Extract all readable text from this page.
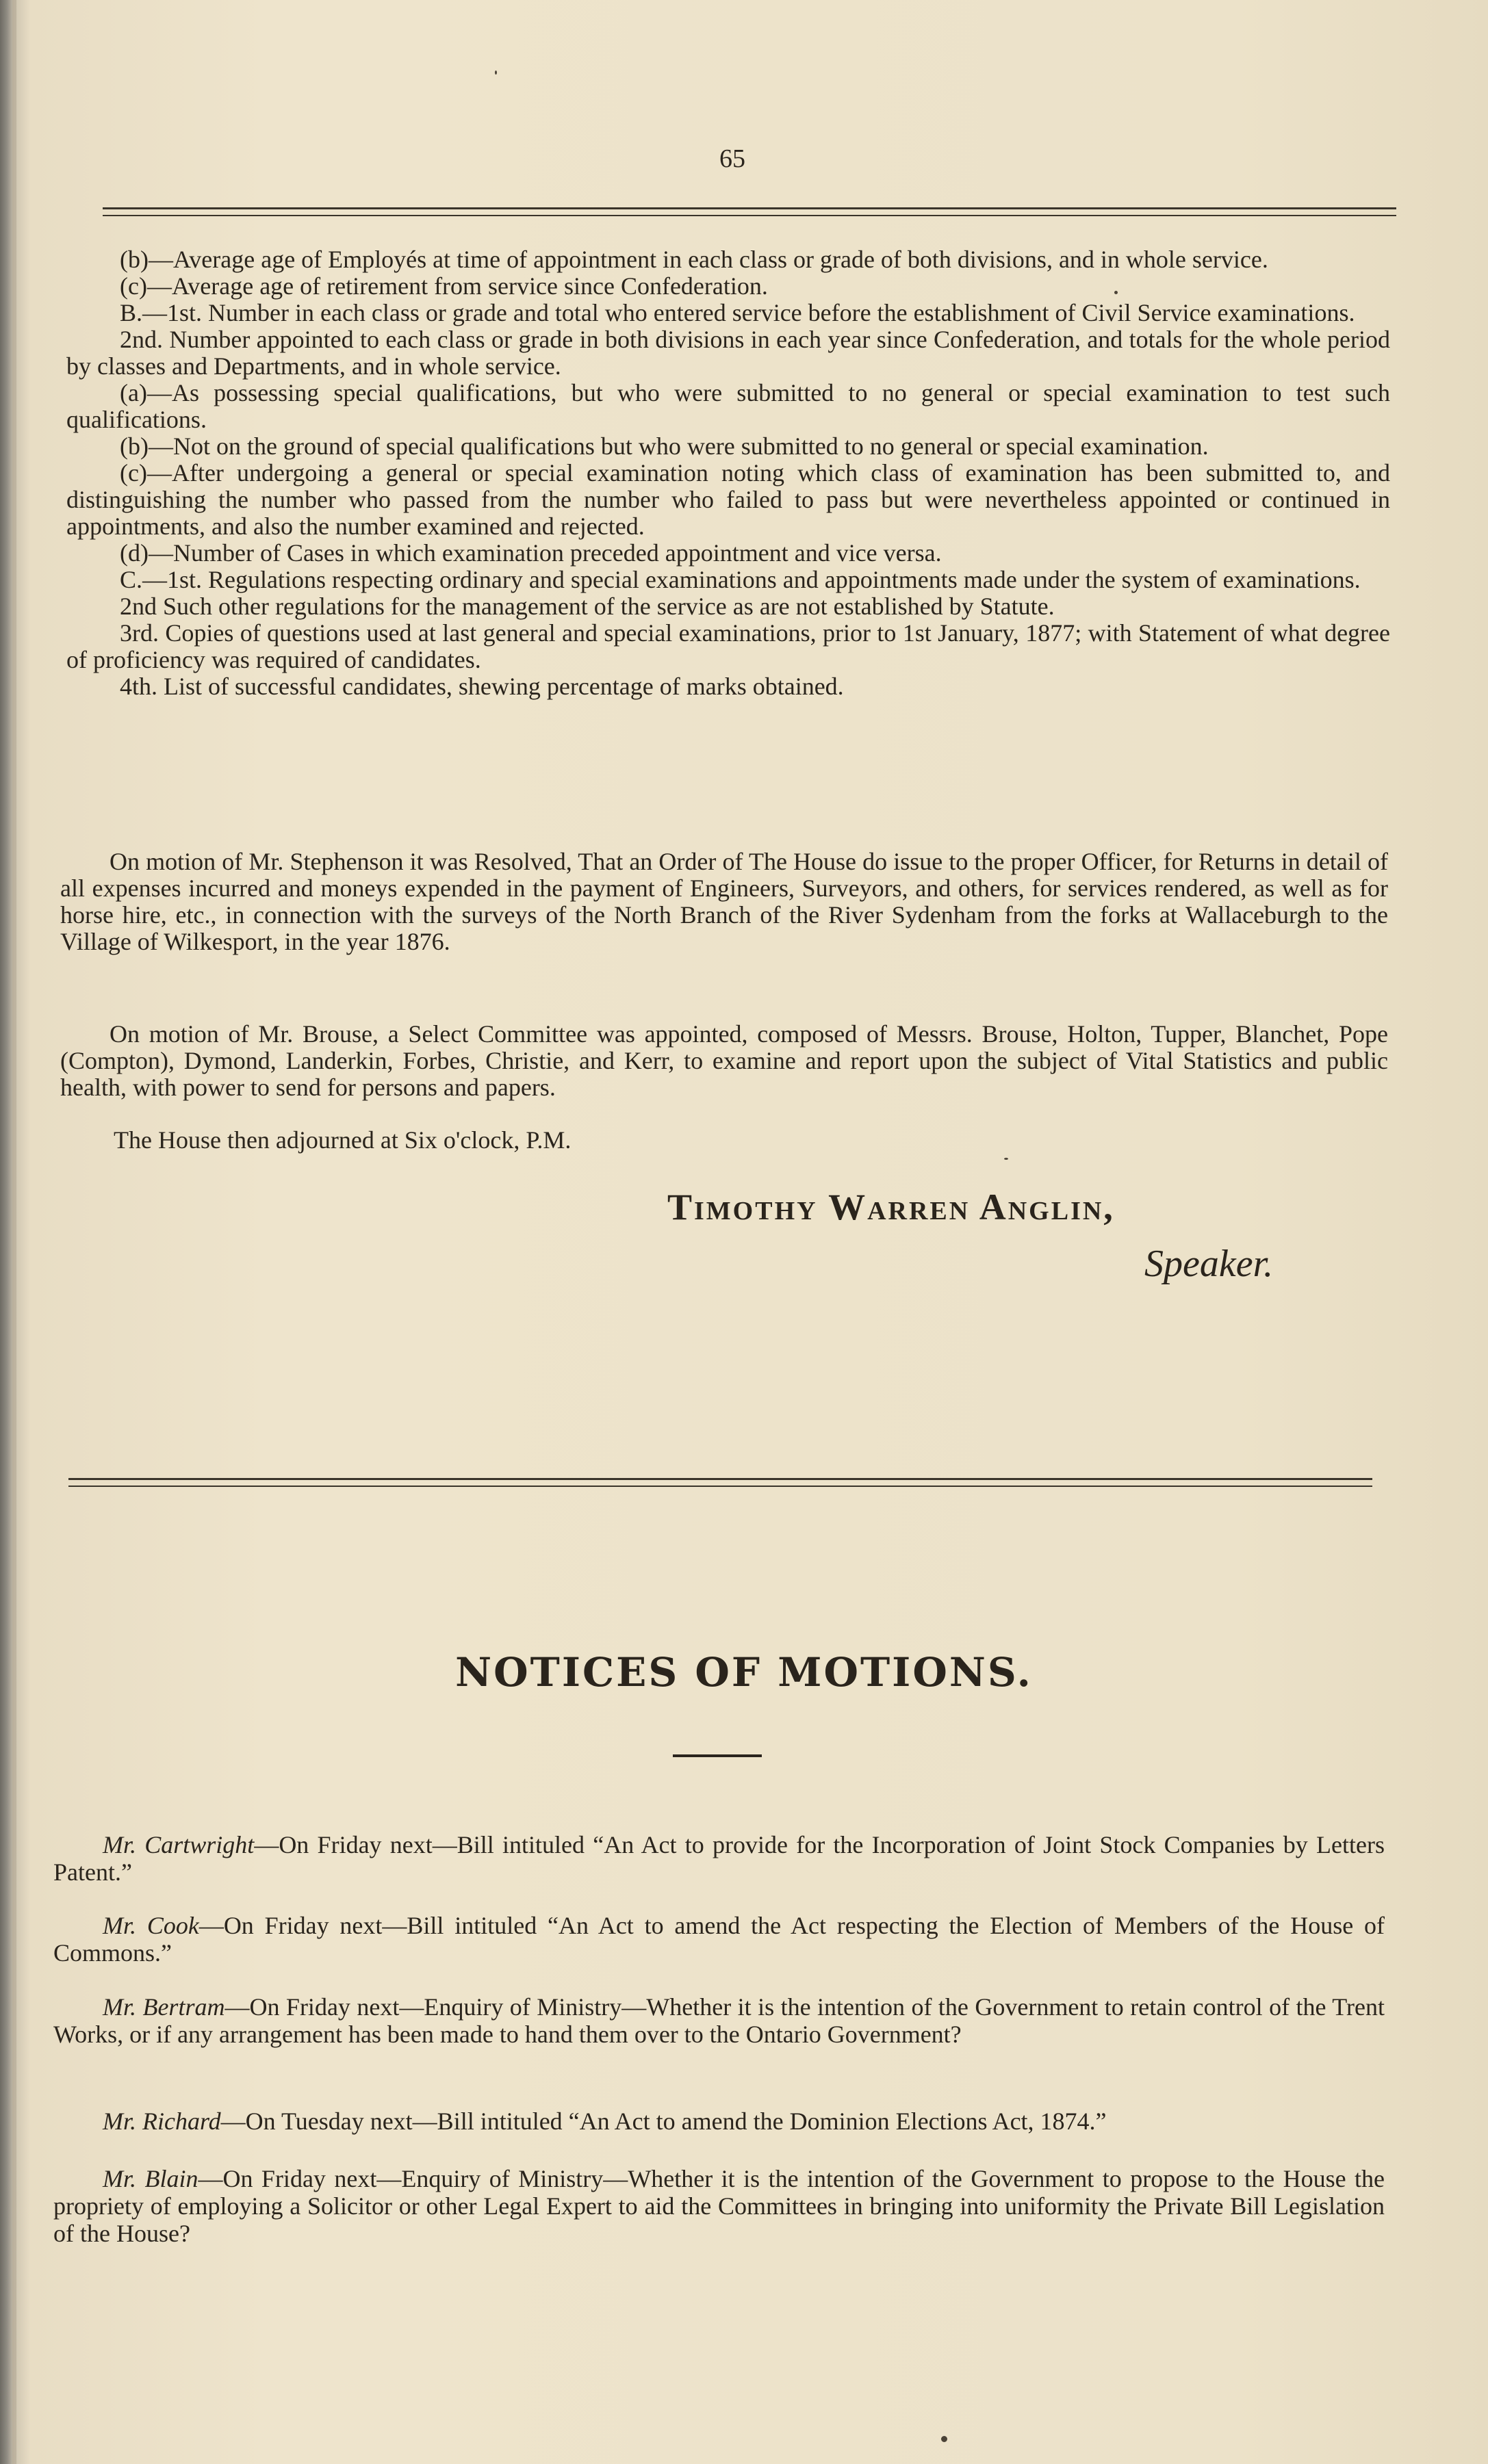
65

(b)—Average age of Employés at time of appointment in each class or grade of both divisions, and in whole service.

(c)—Average age of retirement from service since Confederation.

B.—1st. Number in each class or grade and total who entered service before the establishment of Civil Service examinations.

2nd. Number appointed to each class or grade in both divisions in each year since Confederation, and totals for the whole period by classes and Departments, and in whole service.

(a)—As possessing special qualifications, but who were submitted to no general or special examination to test such qualifications.

(b)—Not on the ground of special qualifications but who were submitted to no general or special examination.

(c)—After undergoing a general or special examination noting which class of examination has been submitted to, and distinguishing the number who passed from the number who failed to pass but were nevertheless appointed or continued in appointments, and also the number examined and rejected.

(d)—Number of Cases in which examination preceded appointment and vice versa.

C.—1st. Regulations respecting ordinary and special examinations and appointments made under the system of examinations.

2nd Such other regulations for the management of the service as are not established by Statute.

3rd. Copies of questions used at last general and special examinations, prior to 1st January, 1877; with Statement of what degree of proficiency was required of candidates.

4th. List of successful candidates, shewing percentage of marks obtained.

On motion of Mr. Stephenson it was Resolved, That an Order of The House do issue to the proper Officer, for Returns in detail of all expenses incurred and moneys expended in the payment of Engineers, Surveyors, and others, for services rendered, as well as for horse hire, etc., in connection with the surveys of the North Branch of the River Sydenham from the forks at Wallaceburgh to the Village of Wilkesport, in the year 1876.

On motion of Mr. Brouse, a Select Committee was appointed, composed of Messrs. Brouse, Holton, Tupper, Blanchet, Pope (Compton), Dymond, Landerkin, Forbes, Christie, and Kerr, to examine and report upon the subject of Vital Statistics and public health, with power to send for persons and papers.

The House then adjourned at Six o'clock, P.M.
Timothy Warren Anglin,
Speaker.
NOTICES OF MOTIONS.

Mr. Cartwright—On Friday next—Bill intituled “An Act to provide for the Incorporation of Joint Stock Companies by Letters Patent.”

Mr. Cook—On Friday next—Bill intituled “An Act to amend the Act respecting the Election of Members of the House of Commons.”

Mr. Bertram—On Friday next—Enquiry of Ministry—Whether it is the intention of the Government to retain control of the Trent Works, or if any arrangement has been made to hand them over to the Ontario Government?

Mr. Richard—On Tuesday next—Bill intituled “An Act to amend the Dominion Elections Act, 1874.”

Mr. Blain—On Friday next—Enquiry of Ministry—Whether it is the intention of the Government to propose to the House the propriety of employing a Solicitor or other Legal Expert to aid the Committees in bringing into uniformity the Private Bill Legislation of the House?
